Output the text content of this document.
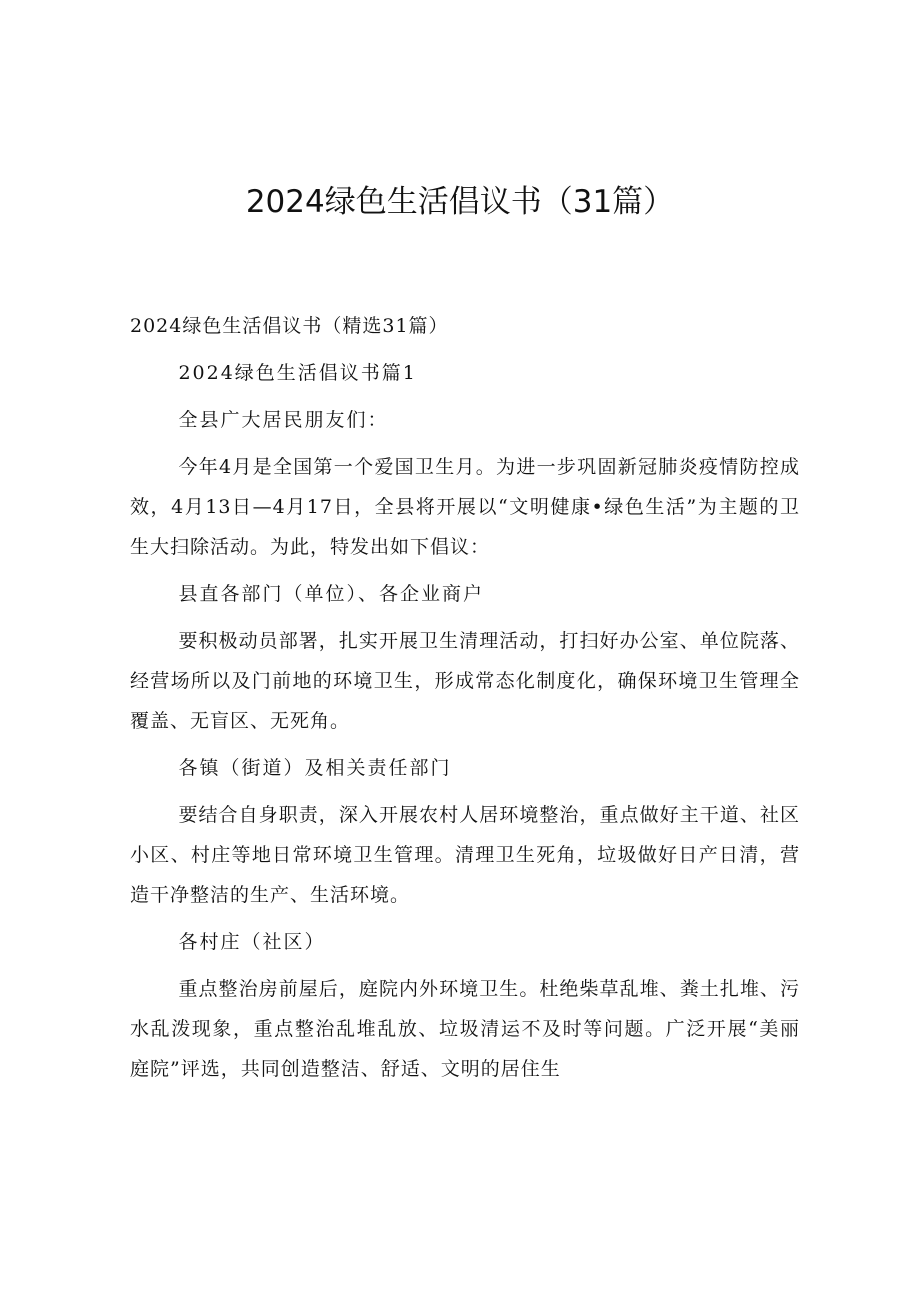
2024绿色生活倡议书（31篇）

2024绿色生活倡议书（精选31篇）

2024绿色生活倡议书篇1

全县广大居民朋友们：

今年4月是全国第一个爱国卫生月。为进一步巩固新冠肺炎疫情防控成效，4月13日—4月17日，全县将开展以“文明健康•绿色生活”为主题的卫生大扫除活动。为此，特发出如下倡议：

县直各部门（单位）、各企业商户

要积极动员部署，扎实开展卫生清理活动，打扫好办公室、单位院落、经营场所以及门前地的环境卫生，形成常态化制度化，确保环境卫生管理全覆盖、无盲区、无死角。

各镇（街道）及相关责任部门

要结合自身职责，深入开展农村人居环境整治，重点做好主干道、社区小区、村庄等地日常环境卫生管理。清理卫生死角，垃圾做好日产日清，营造干净整洁的生产、生活环境。

各村庄（社区）

重点整治房前屋后，庭院内外环境卫生。杜绝柴草乱堆、粪土扎堆、污水乱泼现象，重点整治乱堆乱放、垃圾清运不及时等问题。广泛开展“美丽庭院”评选，共同创造整洁、舒适、文明的居住生
